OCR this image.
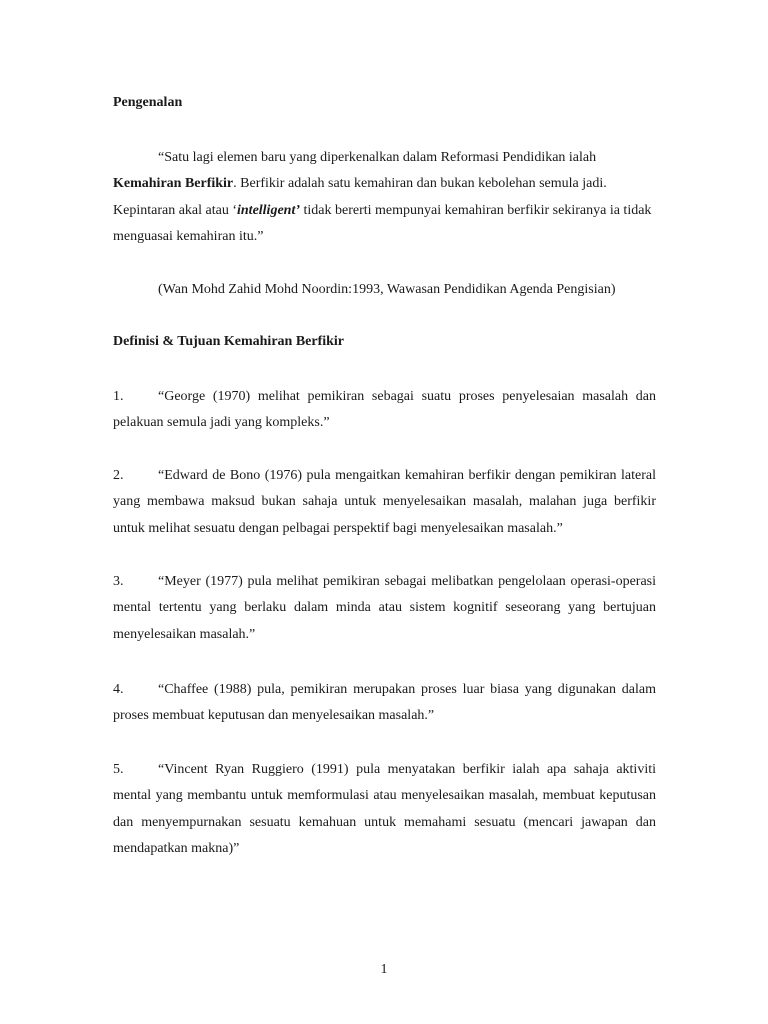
Pengenalan

“Satu lagi elemen baru yang diperkenalkan dalam Reformasi Pendidikan ialah Kemahiran Berfikir. Berfikir adalah satu kemahiran dan bukan kebolehan semula jadi. Kepintaran akal atau ‘intelligent’ tidak bererti mempunyai kemahiran berfikir sekiranya ia tidak menguasai kemahiran itu.”

(Wan Mohd Zahid Mohd Noordin:1993, Wawasan Pendidikan Agenda Pengisian)
Definisi & Tujuan Kemahiran Berfikir

1. “George (1970) melihat pemikiran sebagai suatu proses penyelesaian masalah dan pelakuan semula jadi yang kompleks.”

2. “Edward de Bono (1976) pula mengaitkan kemahiran berfikir dengan pemikiran lateral yang membawa maksud bukan sahaja untuk menyelesaikan masalah, malahan juga berfikir untuk melihat sesuatu dengan pelbagai perspektif bagi menyelesaikan masalah.”

3. “Meyer (1977) pula melihat pemikiran sebagai melibatkan pengelolaan operasi-operasi mental tertentu yang berlaku dalam minda atau sistem kognitif seseorang yang bertujuan menyelesaikan masalah.”

4. “Chaffee (1988) pula, pemikiran merupakan proses luar biasa yang digunakan dalam proses membuat keputusan dan menyelesaikan masalah.”

5. “Vincent Ryan Ruggiero (1991) pula menyatakan berfikir ialah apa sahaja aktiviti mental yang membantu untuk memformulasi atau menyelesaikan masalah, membuat keputusan dan menyempurnakan sesuatu kemahuan untuk memahami sesuatu (mencari jawapan dan mendapatkan makna)”

1
